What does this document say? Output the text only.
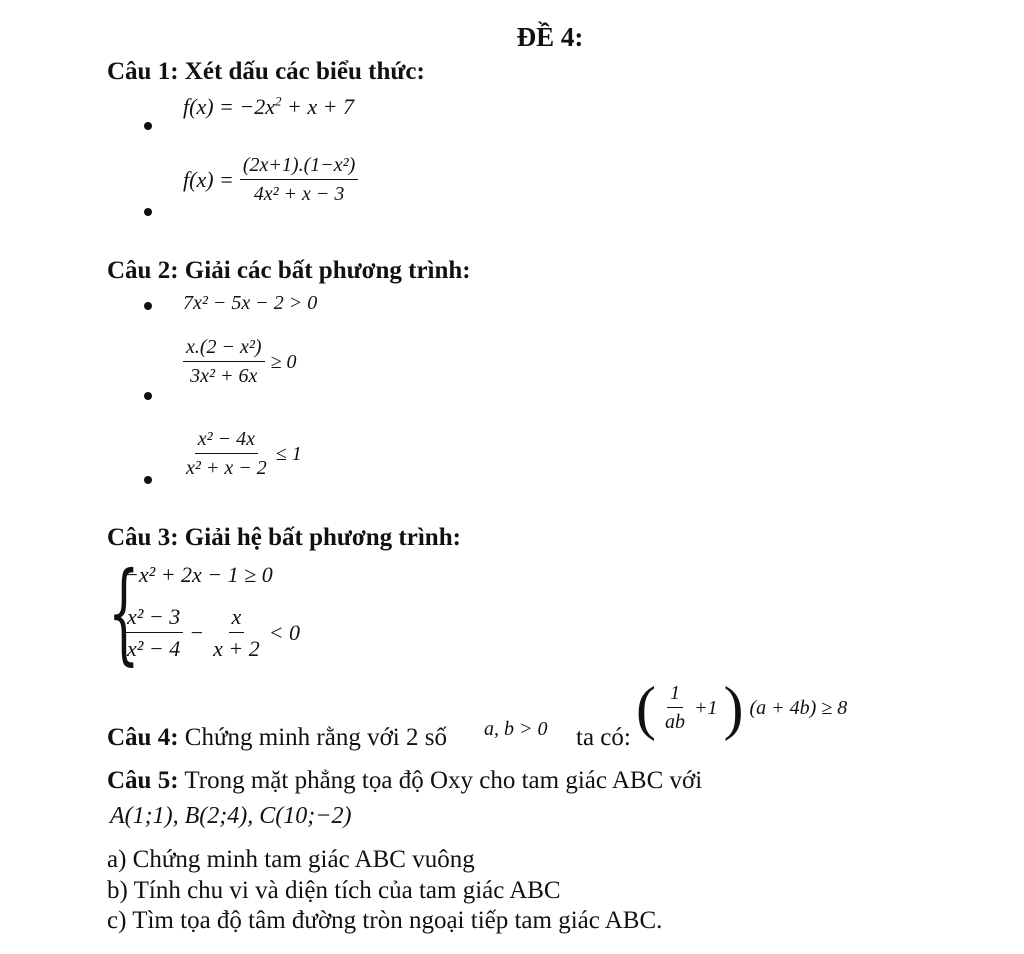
ĐỀ 4:
Câu 1: Xét dấu các biểu thức:
$f(x) = -2x^2 + x + 7$
$f(x) = \frac{\text{(2x+1).(1−x²)}}{\text{4x² + x − 3}}$
Câu 2: Giải các bất phương trình:
7x² − 5x − 2 > 0
$\frac{\text{x.(2 − x²)}}{\text{3x² + 6x}} \ge 0$
$\frac{\text{x² − 4x}}{\text{x² + x − 2}} \le 1$
Câu 3: Giải hệ bất phương trình:
{
−x² + 2x − 1 ≥ 0
$\frac{\text{x² − 3}}{\text{x² − 4}} - \frac{x}{x + 2} < 0$
Câu 4: Chứng minh rằng với 2 số a, b > 0 ta có: ( $\frac{1}{ab} +1$ ) (a + 4b) ≥ 8
Câu 5: Trong mặt phẳng tọa độ Oxy cho tam giác ABC với
A(1;1), B(2;4), C(10;−2)
a) Chứng minh tam giác ABC vuông
b) Tính chu vi và diện tích của tam giác ABC
c) Tìm tọa độ tâm đường tròn ngoại tiếp tam giác ABC.
